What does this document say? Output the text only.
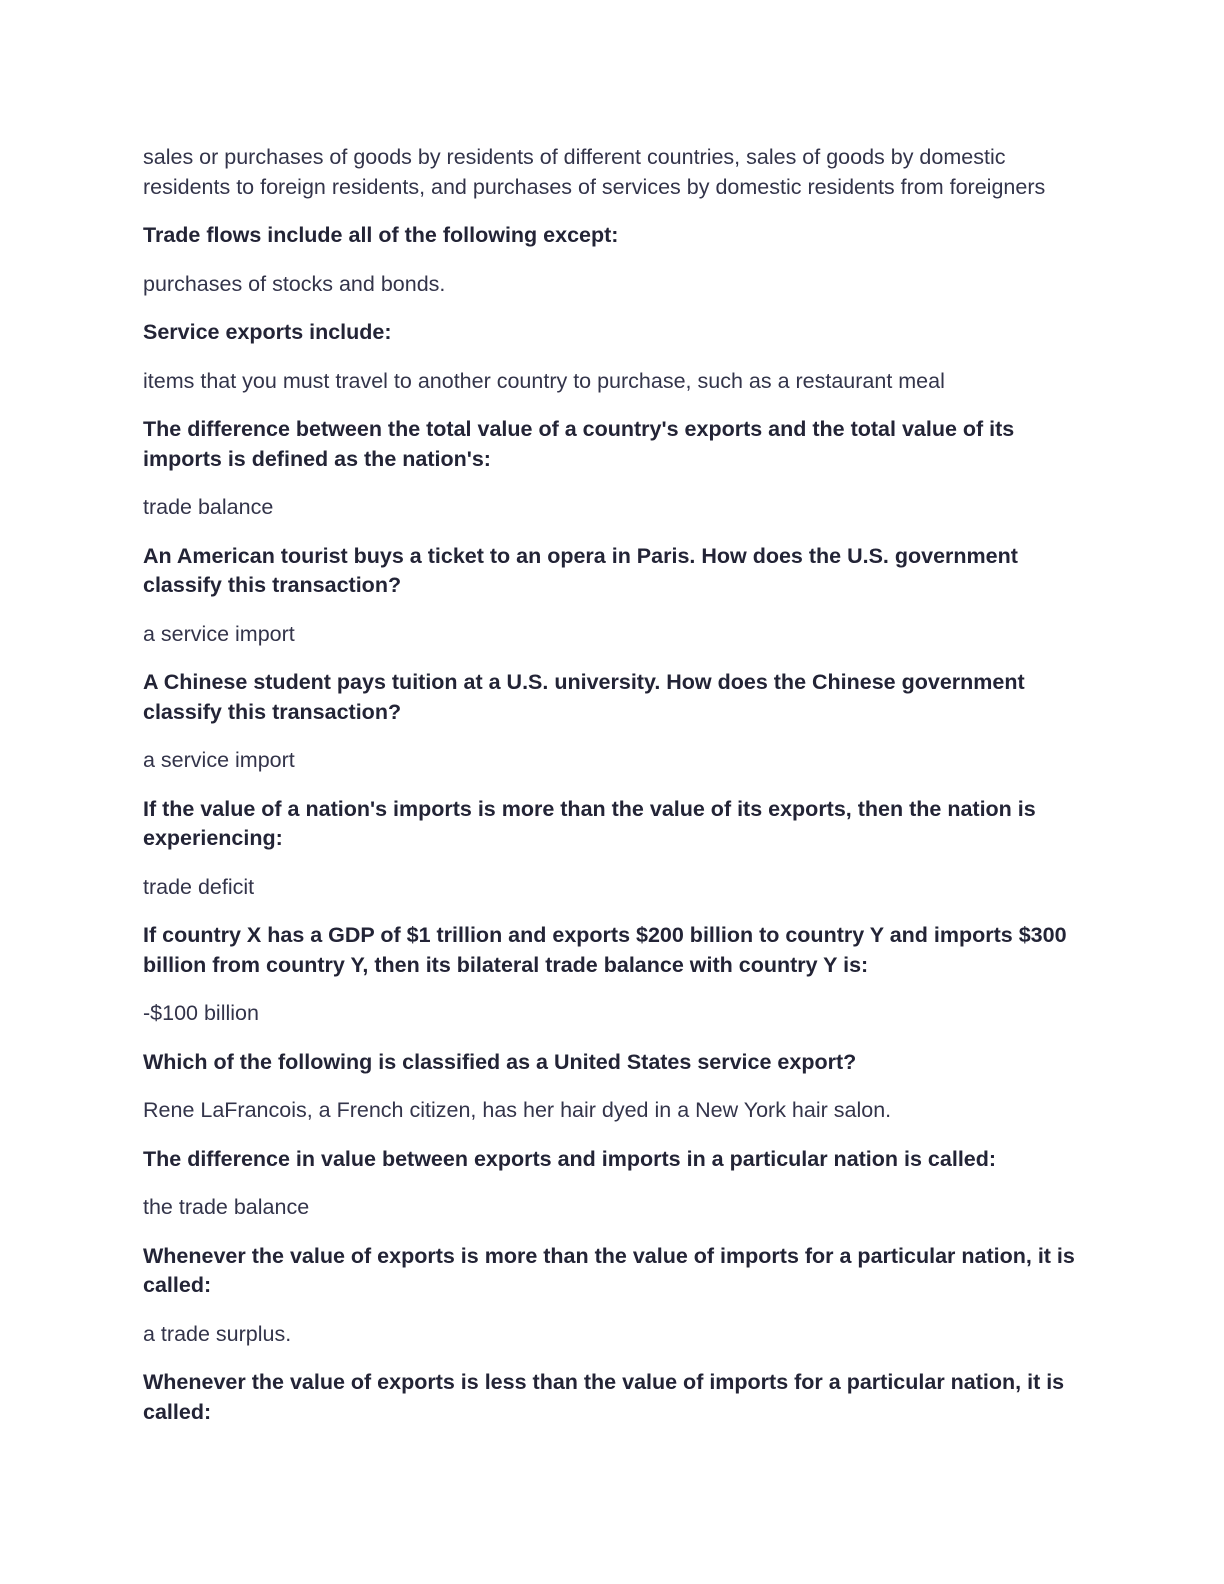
sales or purchases of goods by residents of different countries, sales of goods by domestic residents to foreign residents, and purchases of services by domestic residents from foreigners

Trade flows include all of the following except:

purchases of stocks and bonds.

Service exports include:

items that you must travel to another country to purchase, such as a restaurant meal

The difference between the total value of a country's exports and the total value of its imports is defined as the nation's:

trade balance

An American tourist buys a ticket to an opera in Paris. How does the U.S. government classify this transaction?

a service import

A Chinese student pays tuition at a U.S. university. How does the Chinese government classify this transaction?

a service import

If the value of a nation's imports is more than the value of its exports, then the nation is experiencing:

trade deficit

If country X has a GDP of $1 trillion and exports $200 billion to country Y and imports $300 billion from country Y, then its bilateral trade balance with country Y is:

-$100 billion

Which of the following is classified as a United States service export?

Rene LaFrancois, a French citizen, has her hair dyed in a New York hair salon.

The difference in value between exports and imports in a particular nation is called:

the trade balance

Whenever the value of exports is more than the value of imports for a particular nation, it is called:

a trade surplus.

Whenever the value of exports is less than the value of imports for a particular nation, it is called:
